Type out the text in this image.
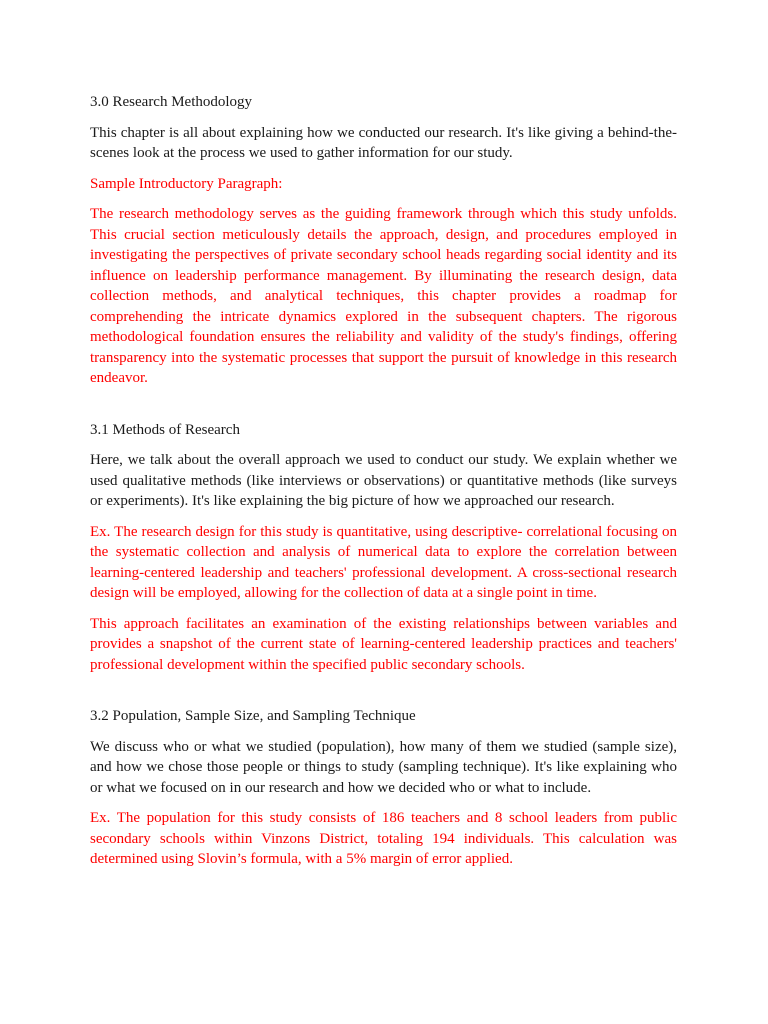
3.0 Research Methodology

This chapter is all about explaining how we conducted our research. It's like giving a behind-the-scenes look at the process we used to gather information for our study.

Sample Introductory Paragraph:

The research methodology serves as the guiding framework through which this study unfolds. This crucial section meticulously details the approach, design, and procedures employed in investigating the perspectives of private secondary school heads regarding social identity and its influence on leadership performance management. By illuminating the research design, data collection methods, and analytical techniques, this chapter provides a roadmap for comprehending the intricate dynamics explored in the subsequent chapters. The rigorous methodological foundation ensures the reliability and validity of the study's findings, offering transparency into the systematic processes that support the pursuit of knowledge in this research endeavor.

3.1 Methods of Research

Here, we talk about the overall approach we used to conduct our study. We explain whether we used qualitative methods (like interviews or observations) or quantitative methods (like surveys or experiments). It's like explaining the big picture of how we approached our research.

Ex. The research design for this study is quantitative, using descriptive- correlational focusing on the systematic collection and analysis of numerical data to explore the correlation between learning-centered leadership and teachers' professional development. A cross-sectional research design will be employed, allowing for the collection of data at a single point in time.

This approach facilitates an examination of the existing relationships between variables and provides a snapshot of the current state of learning-centered leadership practices and teachers' professional development within the specified public secondary schools.

3.2 Population, Sample Size, and Sampling Technique

We discuss who or what we studied (population), how many of them we studied (sample size), and how we chose those people or things to study (sampling technique). It's like explaining who or what we focused on in our research and how we decided who or what to include.

Ex. The population for this study consists of 186 teachers and 8 school leaders from public secondary schools within Vinzons District, totaling 194 individuals. This calculation was determined using Slovin’s formula, with a 5% margin of error applied.
